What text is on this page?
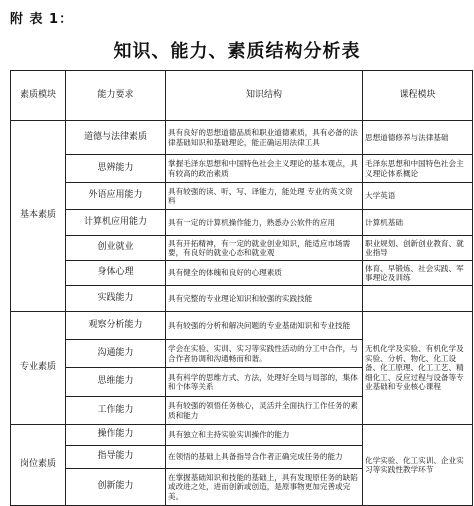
附 表 1：
知识、能力、素质结构分析表
素质模块	能力要求	知识结构	课程模块
基本素质	道德与法律素质	具有良好的思想道德品质和职业道德素质，具有必备的法律基础知识和基础理论，能正确运用法律工具	思想道德修养与法律基础
	思辨能力	掌握毛泽东思想和中国特色社会主义理论的基本观点，具有较高的政治素质	毛泽东思想和中国特色社会主义理论体系概论
	外语应用能力	具有较强的读、听、写、译能力，能处理 专业的英文资料	大学英语
	计算机应用能力	具有一定的计算机操作能力，熟悉办公软件的应用	计算机基础
	创业就业	具有开拓精神，有一定的就业创业知识，能适应市场需要，有良好的就业心态和就业观	职业规划、创新创业教育、就业指导
	身体心理	具有健全的体魄和良好的心理素质	体育、早锻炼、社会实践、军事理论及训练
	实践能力	具有完整的专业理论知识和较强的实践技能	
专业素质	观察分析能力	具有较强的分析和解决问题的专业基础知识和专业技能	无机化学及实验、有机化学及实验、分析、物化、化工设备、化工原理、化工工艺、精细化工、反应过程与设备等专业基础和专业核心课程
	沟通能力	学会在实验、实训、实习等实践性活动的分工中合作，与合作者协调和沟通畅而和谐。	
	思维能力	具有科学的思维方式、方法，处理好全局与局部的，集体和个体等关系	
	工作能力	具有较强的领悟任务核心，灵活并全面执行工作任务的素质和能力	
岗位素质	操作能力	具有独立和主持实验实训操作的能力	化学实验、化工实训、企业实习等实践性教学环节
	指导能力	在领悟的基础上具备指导合作者正确完成任务的能力	
	创新能力	在掌握基础知识和技能的基础上，具有发现原任务的缺陷或改进之处，进而创新或创造，是原事物更加完善或完美。	
